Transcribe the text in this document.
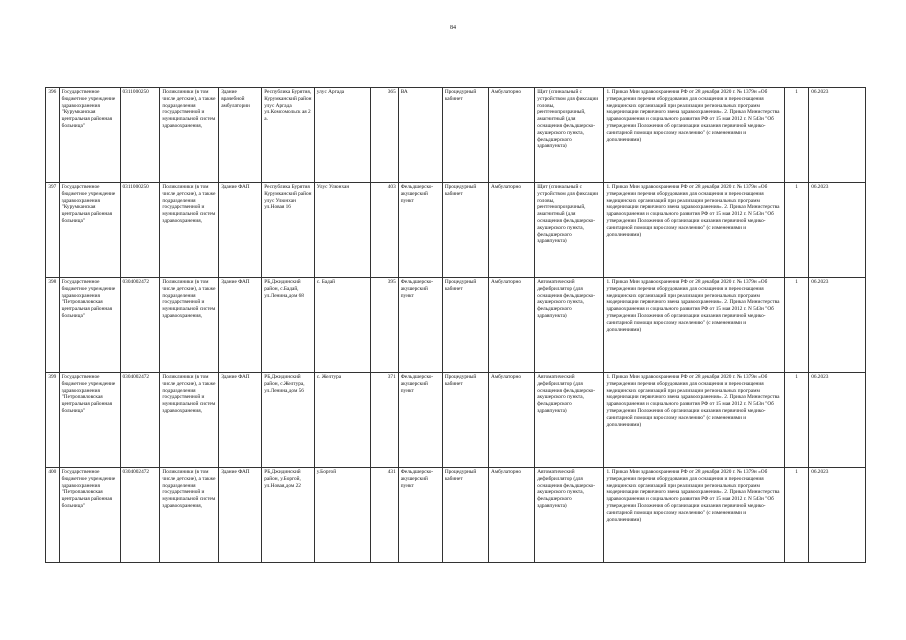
84
396	Государственное бюджетное учреждение здравоохранения "Курумканская центральная районная больница"	0311000250	Поликлиники (в том числе детские), а также подразделения государственной и муниципальной систем здравоохранения,	Здание врачебной амбулатории	Республика Бурятия, Курумканский район улус Аргада ул.Комсомольск ая 2 а.	улус Аргада	365	ВА	Процедурный кабинет	Амбулаторно	Щит (спинальный с устройством для фиксации головы, рентгенопрозрачный, амагнитный (для оснащения фельдшерско-акушерского пункта, фельдшерского здравпункта)	1. Приказ Мин здравоохранения РФ от 28 декабря 2020 г. № 1379н «Об утверждении перечня оборудования для оснащения и переоснащения медицинских организаций при реализации региональных программ модернизации первичного звена здравоохранения». 2. Приказ Министерства здравоохранения и социального развития РФ от 15 мая 2012 г. N 543н "Об утверждении Положения об организации оказания первичной медико-санитарной помощи взрослому населению" (с изменениями и дополнениями)	1	06.2023
397	Государственное бюджетное учреждение здравоохранения "Курумканская центральная районная больница"	0311000250	Поликлиники (в том числе детские), а также подразделения государственной и муниципальной систем здравоохранения,	Здание ФАП	Республика Бурятия Курумканский район улус Улюнхан ул.Новая 16	Улус Улюнхан	403	Фельдшерско-акушерский пункт	Процедурный кабинет	Амбулаторно	Щит (спинальный с устройством для фиксации головы, рентгенопрозрачный, амагнитный (для оснащения фельдшерско-акушерского пункта, фельдшерского здравпункта)	1. Приказ Мин здравоохранения РФ от 28 декабря 2020 г. № 1379н «Об утверждении перечня оборудования для оснащения и переоснащения медицинских организаций при реализации региональных программ модернизации первичного звена здравоохранения». 2. Приказ Министерства здравоохранения и социального развития РФ от 15 мая 2012 г. N 543н "Об утверждении Положения об организации оказания первичной медико-санитарной помощи взрослому населению" (с изменениями и дополнениями)	1	06.2023
398	Государственное бюджетное учреждение здравоохранения "Петропавловская центральная районная больница"	0304002472	Поликлиники (в том числе детские), а также подразделения государственной и муниципальной систем здравоохранения,	Здание ФАП	РБ,Джидинский район, с.Бадай, ул.Ленина,дом 68	с. Бадай	395	Фельдшерско-акушерский пункт	Процедурный кабинет	Амбулаторно	Автоматический дефибриллятор (для оснащения фельдшерско-акушерского пункта, фельдшерского здравпункта)	1. Приказ Мин здравоохранения РФ от 28 декабря 2020 г. № 1379н «Об утверждении перечня оборудования для оснащения и переоснащения медицинских организаций при реализации региональных программ модернизации первичного звена здравоохранения». 2. Приказ Министерства здравоохранения и социального развития РФ от 15 мая 2012 г. N 543н "Об утверждении Положения об организации оказания первичной медико-санитарной помощи взрослому населению" (с изменениями и дополнениями)	1	06.2023
399	Государственное бюджетное учреждение здравоохранения "Петропавловская центральная районная больница"	0304002472	Поликлиники (в том числе детские), а также подразделения государственной и муниципальной систем здравоохранения,	Здание ФАП	РБ,Джидинский район, с.Желтура, ул.Ленина,дом 56	с. Желтура	371	Фельдшерско-акушерский пункт	Процедурный кабинет	Амбулаторно	Автоматический дефибриллятор (для оснащения фельдшерско-акушерского пункта, фельдшерского здравпункта)	1. Приказ Мин здравоохранения РФ от 28 декабря 2020 г. № 1379н «Об утверждении перечня оборудования для оснащения и переоснащения медицинских организаций при реализации региональных программ модернизации первичного звена здравоохранения». 2. Приказ Министерства здравоохранения и социального развития РФ от 15 мая 2012 г. N 543н "Об утверждении Положения об организации оказания первичной медико-санитарной помощи взрослому населению" (с изменениями и дополнениями)	1	06.2023
400	Государственное бюджетное учреждение здравоохранения "Петропавловская центральная районная больница"	0304002472	Поликлиники (в том числе детские), а также подразделения государственной и муниципальной систем здравоохранения,	Здание ФАП	РБ,Джидинский район, у.Боргой, ул.Новая,дом 22	у.Боргой	431	Фельдшерско-акушерский пункт	Процедурный кабинет	Амбулаторно	Автоматический дефибриллятор (для оснащения фельдшерско-акушерского пункта, фельдшерского здравпункта)	1. Приказ Мин здравоохранения РФ от 28 декабря 2020 г. № 1379н «Об утверждении перечня оборудования для оснащения и переоснащения медицинских организаций при реализации региональных программ модернизации первичного звена здравоохранения». 2. Приказ Министерства здравоохранения и социального развития РФ от 15 мая 2012 г. N 543н "Об утверждении Положения об организации оказания первичной медико-санитарной помощи взрослому населению" (с изменениями и дополнениями)	1	06.2023
